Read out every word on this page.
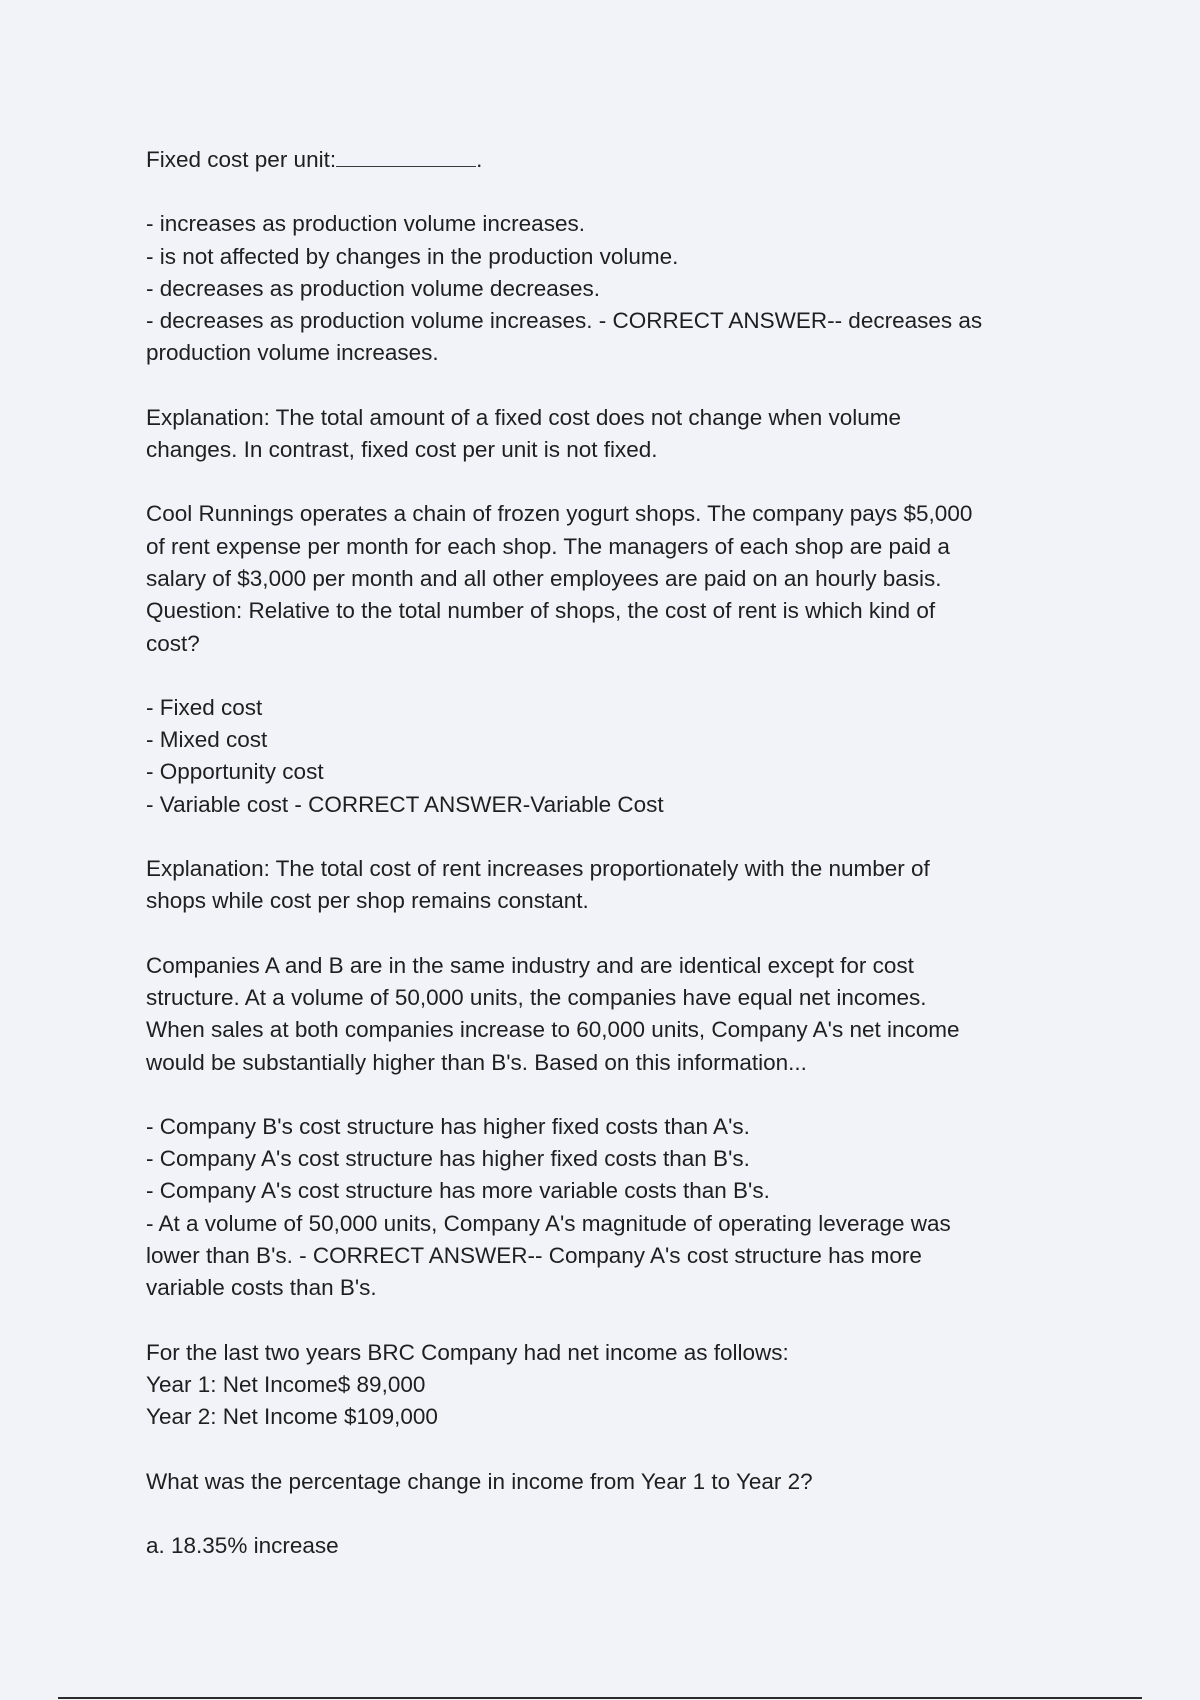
Fixed cost per unit:	.
- increases as production volume increases.
- is not affected by changes in the production volume.
- decreases as production volume decreases.
- decreases as production volume increases. - CORRECT ANSWER-- decreases as
production volume increases.
Explanation: The total amount of a fixed cost does not change when volume
changes. In contrast, fixed cost per unit is not fixed.
Cool Runnings operates a chain of frozen yogurt shops. The company pays $5,000
of rent expense per month for each shop. The managers of each shop are paid a
salary of $3,000 per month and all other employees are paid on an hourly basis.
Question: Relative to the total number of shops, the cost of rent is which kind of
cost?
- Fixed cost
- Mixed cost
- Opportunity cost
- Variable cost - CORRECT ANSWER-Variable Cost
Explanation: The total cost of rent increases proportionately with the number of
shops while cost per shop remains constant.
Companies A and B are in the same industry and are identical except for cost
structure. At a volume of 50,000 units, the companies have equal net incomes.
When sales at both companies increase to 60,000 units, Company A's net income
would be substantially higher than B's. Based on this information...
- Company B's cost structure has higher fixed costs than A's.
- Company A's cost structure has higher fixed costs than B's.
- Company A's cost structure has more variable costs than B's.
- At a volume of 50,000 units, Company A's magnitude of operating leverage was
lower than B's. - CORRECT ANSWER-- Company A's cost structure has more
variable costs than B's.
For the last two years BRC Company had net income as follows:
Year 1: Net Income$ 89,000
Year 2: Net Income $109,000
What was the percentage change in income from Year 1 to Year 2?
a. 18.35% increase
